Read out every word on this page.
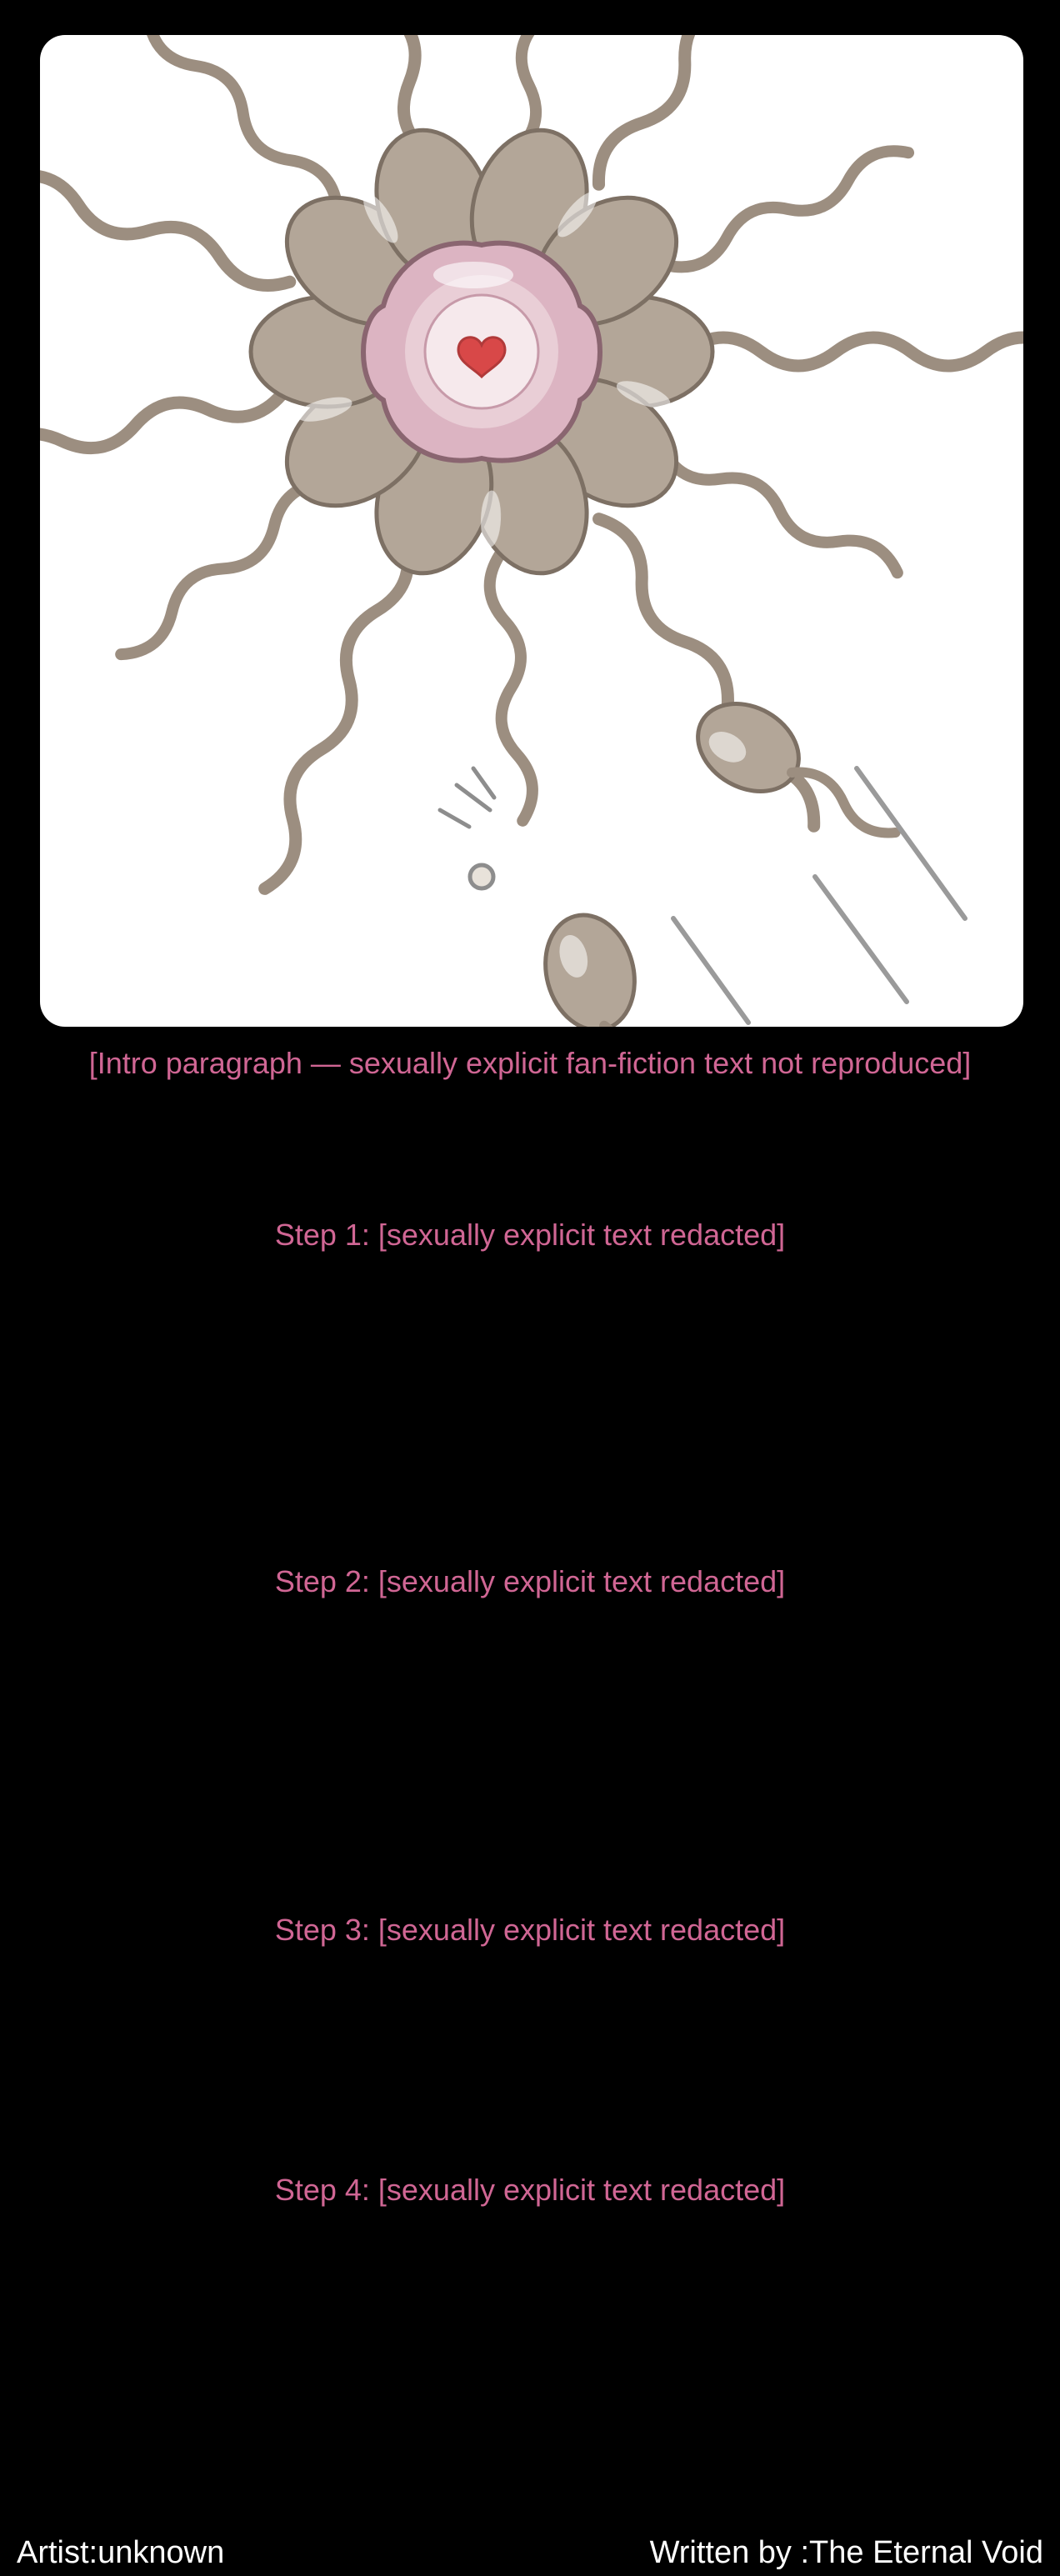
[Intro paragraph — sexually explicit fan-fiction text not reproduced]

Step 1: [sexually explicit text redacted]

Step 2: [sexually explicit text redacted]

Step 3: [sexually explicit text redacted]

Step 4: [sexually explicit text redacted]

Artist:unknown	Written by :The Eternal Void
